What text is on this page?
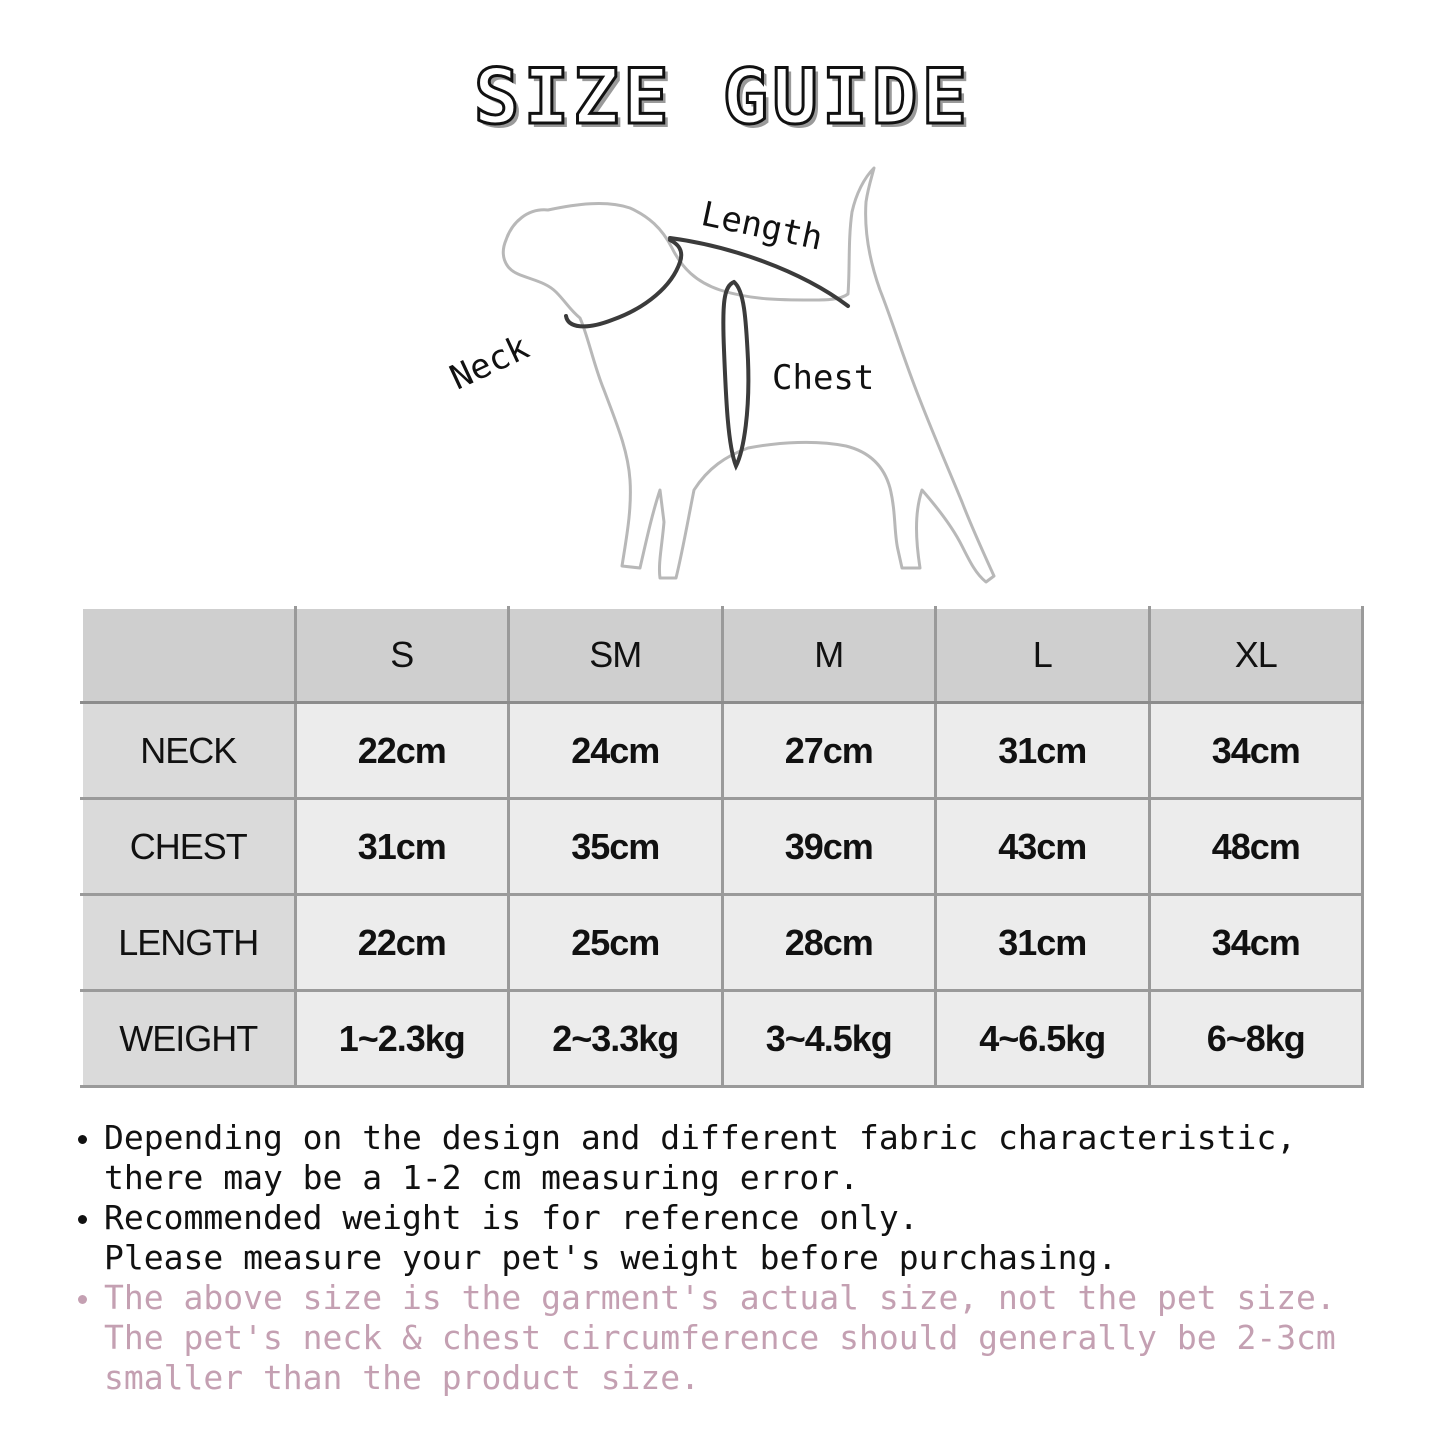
SIZE GUIDE
Length
Neck	Chest
	S	SM	M	L	XL
NECK	22cm	24cm	27cm	31cm	34cm
CHEST	31cm	35cm	39cm	43cm	48cm
LENGTH	22cm	25cm	28cm	31cm	34cm
WEIGHT	1~2.3kg	2~3.3kg	3~4.5kg	4~6.5kg	6~8kg
Depending on the design and different fabric characteristic,
there may be a 1-2 cm measuring error.
Recommended weight is for reference only.
Please measure your pet's weight before purchasing.
The above size is the garment's actual size, not the pet size.
The pet's neck & chest circumference should generally be 2-3cm
smaller than the product size.
